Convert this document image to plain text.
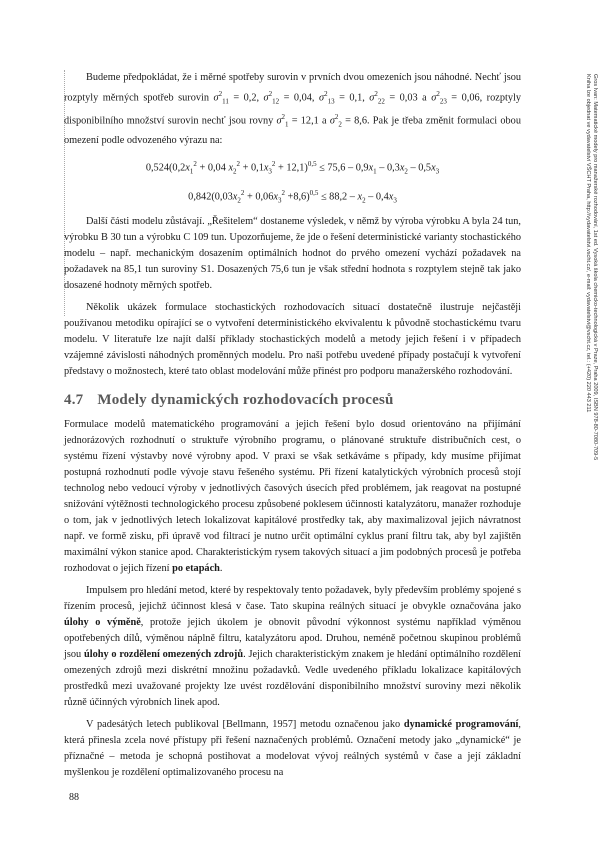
Budeme předpokládat, že i měrné spotřeby surovin v prvních dvou omezeních jsou náhodné. Nechť jsou rozptyly měrných spotřeb surovin $\sigma^2_{11} = 0,2$, $\sigma^2_{12} = 0,04$, $\sigma^2_{13} = 0,1$, $\sigma^2_{22} = 0,03$ a $\sigma^2_{23} = 0,06$, rozptyly disponibilního množství surovin nechť jsou rovny $\sigma^2_1 = 12,1$ a $\sigma^2_2 = 8,6$. Pak je třeba změnit formulaci obou omezení podle odvozeného výrazu na:

$0,524(0,2x_1^2 + 0,04$ $x_2^2 + 0,1x_3^2 + 12,1)^{0,5} \le 75,6 - 0,9x_1 - 0,3x_2 - 0,5x_3$
$0,842(0,03x_2^2 + 0,06x_3^2 +8,6)^{0,5} \le 88,2 - x_2 - 0,4x_3$

Další části modelu zůstávají. „Řešitelem“ dostaneme výsledek, v němž by výroba výrobku A byla 24 tun, výrobku B 30 tun a výrobku C 109 tun. Upozorňujeme, že jde o řešení deterministické varianty stochastického modelu – např. mechanickým dosazením optimálních hodnot do prvého omezení vychází požadavek na požadavek na 85,1 tun suroviny S1. Dosazených 75,6 tun je však střední hodnota s rozptylem stejně tak jako dosazené hodnoty měrných spotřeb.

Několik ukázek formulace stochastických rozhodovacích situací dostatečně ilustruje nejčastěji používanou metodiku opírající se o vytvoření deterministického ekvivalentu k původně stochastickému tvaru modelu. V literatuře lze najít další příklady stochastických modelů a metody jejich řešení i v případech vzájemné závislosti náhodných proměnných modelu. Pro naši potřebu uvedené případy postačují k vytvoření představy o možnostech, které tato oblast modelování může přinést pro podporu manažerského rozhodování.

4.7 Modely dynamických rozhodovacích procesů

Formulace modelů matematického programování a jejich řešení bylo dosud orientováno na přijímání jednorázových rozhodnutí o struktuře výrobního programu, o plánované struktuře distribučních cest, o systému řízení výstavby nové výrobny apod. V praxi se však setkáváme s případy, kdy musíme přijímat postupná rozhodnutí podle vývoje stavu řešeného systému. Při řízení katalytických výrobních procesů stojí technolog nebo vedoucí výroby v jednotlivých časových úsecích před problémem, jak reagovat na postupné snižování výtěžnosti technologického procesu způsobené poklesem účinnosti katalyzátoru, manažer rozhoduje o tom, jak v jednotlivých letech lokalizovat kapitálové prostředky tak, aby maximalizoval jejich návratnost např. ve formě zisku, při úpravě vod filtrací je nutno určit optimální cyklus praní filtru tak, aby byl zajištěn maximální výkon stanice apod. Charakteristickým rysem takových situací a jim podobných procesů je potřeba rozhodovat o jejich řízení po etapách.

Impulsem pro hledání metod, které by respektovaly tento požadavek, byly především problémy spojené s řízením procesů, jejichž účinnost klesá v čase. Tato skupina reálných situací je obvykle označována jako úlohy o výměně, protože jejich úkolem je obnovit původní výkonnost systému například výměnou opotřebených dílů, výměnou náplně filtru, katalyzátoru apod. Druhou, neméně početnou skupinou problémů jsou úlohy o rozdělení omezených zdrojů. Jejich charakteristickým znakem je hledání optimálního rozdělení omezených zdrojů mezi diskrétní množinu požadavků. Vedle uvedeného příkladu lokalizace kapitálových prostředků mezi uvažované projekty lze uvést rozdělování disponibilního množství suroviny mezi několik různě účinných výrobních linek apod.

V padesátých letech publikoval [Bellmann, 1957] metodu označenou jako dynamické programování, která přinesla zcela nové přístupy při řešení naznačených problémů. Označení metody jako „dynamické“ je příznačné – metoda je schopná postihovat a modelovat vývoj reálných systémů v čase a její základní myšlenkou je rozdělení optimalizovaného procesu na

88
Gros Ivan: Matematické modely pro manažerské rozhodování, 1st ed. Vysoká škola chemicko-technologická v Praze, Praha 2009, ISBN 978-80-7080-709-5
Kniha lze objednat ve vydavatelství VŠCHT Praha, http://vydavatelstvi.vscht.cz/, e-mail: vydavatelstvi@vscht.cz, tel.: (+420) 220 443 211
